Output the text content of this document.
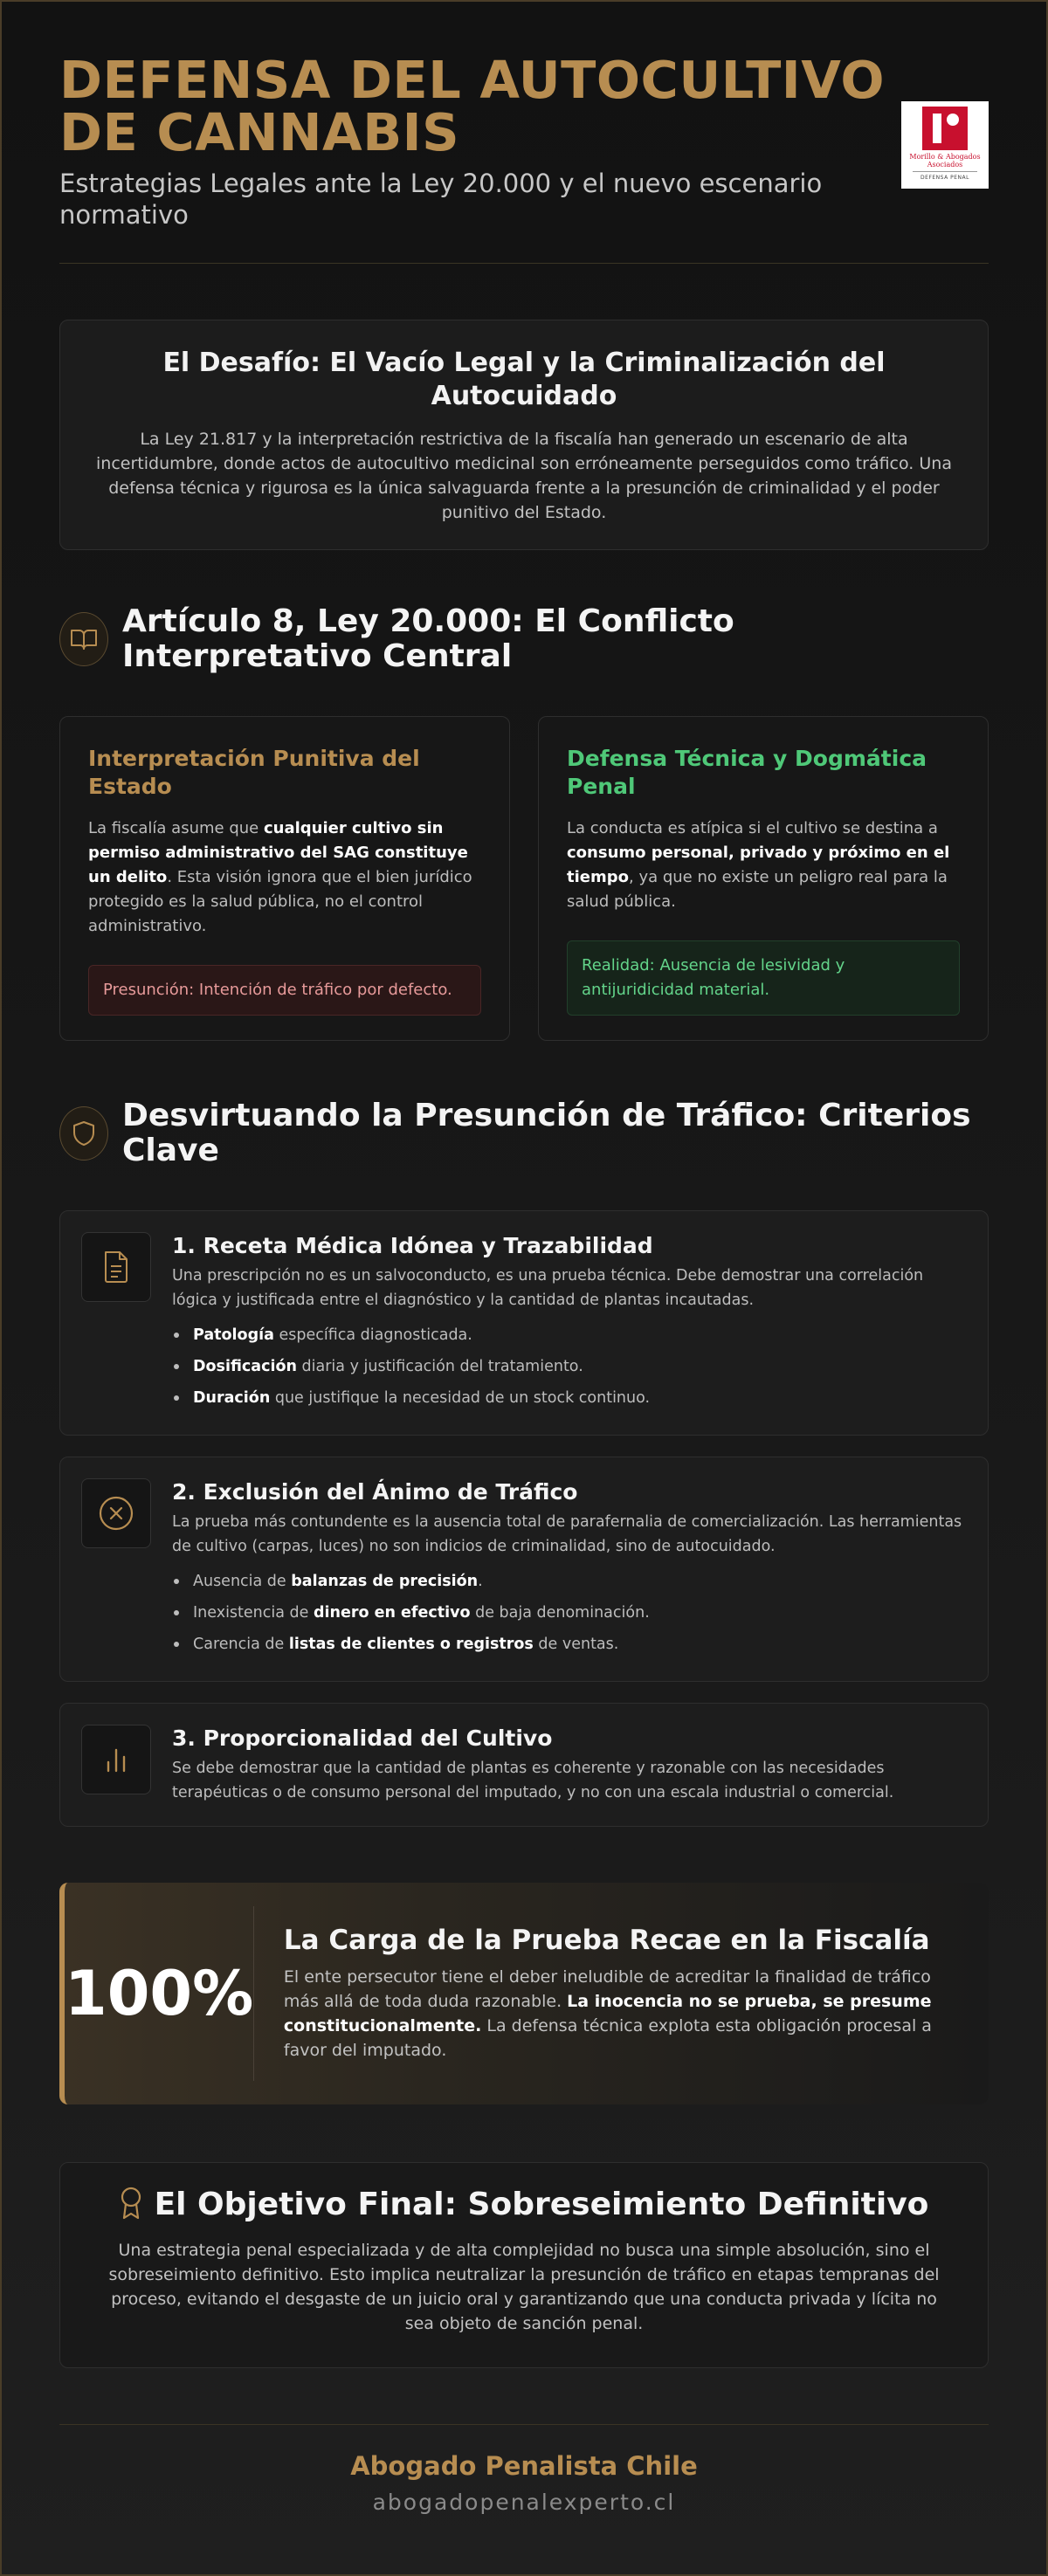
DEFENSA DEL AUTOCULTIVO DE CANNABIS
Estrategias Legales ante la Ley 20.000 y el nuevo escenario normativo
Morillo & Abogados Asociados
DEFENSA PENAL
El Desafío: El Vacío Legal y la Criminalización del Autocuidado

La Ley 21.817 y la interpretación restrictiva de la fiscalía han generado un escenario de alta incertidumbre, donde actos de autocultivo medicinal son erróneamente perseguidos como tráfico. Una defensa técnica y rigurosa es la única salvaguarda frente a la presunción de criminalidad y el poder punitivo del Estado.

Artículo 8, Ley 20.000: El Conflicto Interpretativo Central
Interpretación Punitiva del Estado

La fiscalía asume que cualquier cultivo sin permiso administrativo del SAG constituye un delito. Esta visión ignora que el bien jurídico protegido es la salud pública, no el control administrativo.

Presunción: Intención de tráfico por defecto.
Defensa Técnica y Dogmática Penal

La conducta es atípica si el cultivo se destina a consumo personal, privado y próximo en el tiempo, ya que no existe un peligro real para la salud pública.

Realidad: Ausencia de lesividad y antijuridicidad material.
Desvirtuando la Presunción de Tráfico: Criterios Clave
1. Receta Médica Idónea y Trazabilidad

Una prescripción no es un salvoconducto, es una prueba técnica. Debe demostrar una correlación lógica y justificada entre el diagnóstico y la cantidad de plantas incautadas.

Patología específica diagnosticada.
Dosificación diaria y justificación del tratamiento.
Duración que justifique la necesidad de un stock continuo.
2. Exclusión del Ánimo de Tráfico

La prueba más contundente es la ausencia total de parafernalia de comercialización. Las herramientas de cultivo (carpas, luces) no son indicios de criminalidad, sino de autocuidado.

Ausencia de balanzas de precisión.
Inexistencia de dinero en efectivo de baja denominación.
Carencia de listas de clientes o registros de ventas.
3. Proporcionalidad del Cultivo

Se debe demostrar que la cantidad de plantas es coherente y razonable con las necesidades terapéuticas o de consumo personal del imputado, y no con una escala industrial o comercial.

100%
La Carga de la Prueba Recae en la Fiscalía

El ente persecutor tiene el deber ineludible de acreditar la finalidad de tráfico más allá de toda duda razonable. La inocencia no se prueba, se presume constitucionalmente. La defensa técnica explota esta obligación procesal a favor del imputado.

El Objetivo Final: Sobreseimiento Definitivo

Una estrategia penal especializada y de alta complejidad no busca una simple absolución, sino el sobreseimiento definitivo. Esto implica neutralizar la presunción de tráfico en etapas tempranas del proceso, evitando el desgaste de un juicio oral y garantizando que una conducta privada y lícita no sea objeto de sanción penal.

Abogado Penalista Chile
abogadopenalexperto.cl
